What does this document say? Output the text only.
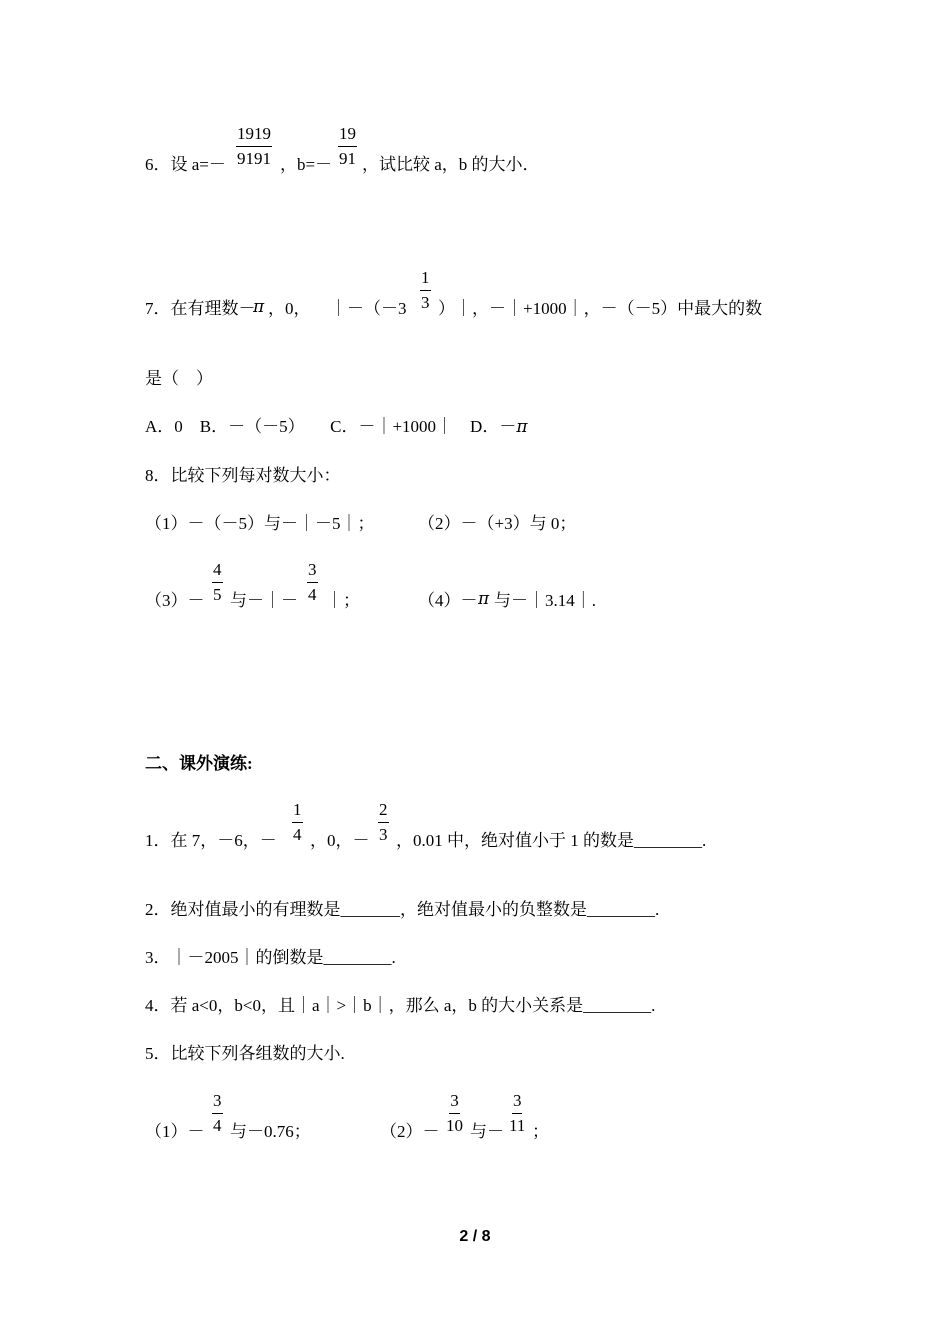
6．设 $a=- \frac{1919}{9191}$ ，$b=- \frac{19}{91}$ ，试比较 a，b 的大小．
7．在有理数－
π ，0， ｜－（－3 $\frac{1}{3}$ ）｜，－｜+1000｜，－（－5）中最大的数
是（　）
A．0　B．－（－5）　　C．－｜+1000｜　D．－π
8．比较下列每对数大小：
（1）－（－5）与－｜－5｜；	（2）－（+3）与 0；
$(3)- \frac{4}{5}$ 与－｜－ $\frac{3}{4}$ ｜；	（4）－ π 与－｜3.14｜.
二、课外演练:
1．在 7，－6，－ $\frac{1}{4}$ ，0，－ $\frac{2}{3}$ ，0.01 中，绝对值小于 1 的数是________.
2．绝对值最小的有理数是_______，绝对值最小的负整数是________.
3．｜－2005｜的倒数是________.
4．若 a<0，b<0，且｜a｜>｜b｜，那么 a，b 的大小关系是________.
5．比较下列各组数的大小.
$(1)- \frac{3}{4}$ 与－0.76；	$(2)- \frac{3}{10}$ 与－ $\frac{3}{11}$ ；
2 / 8
